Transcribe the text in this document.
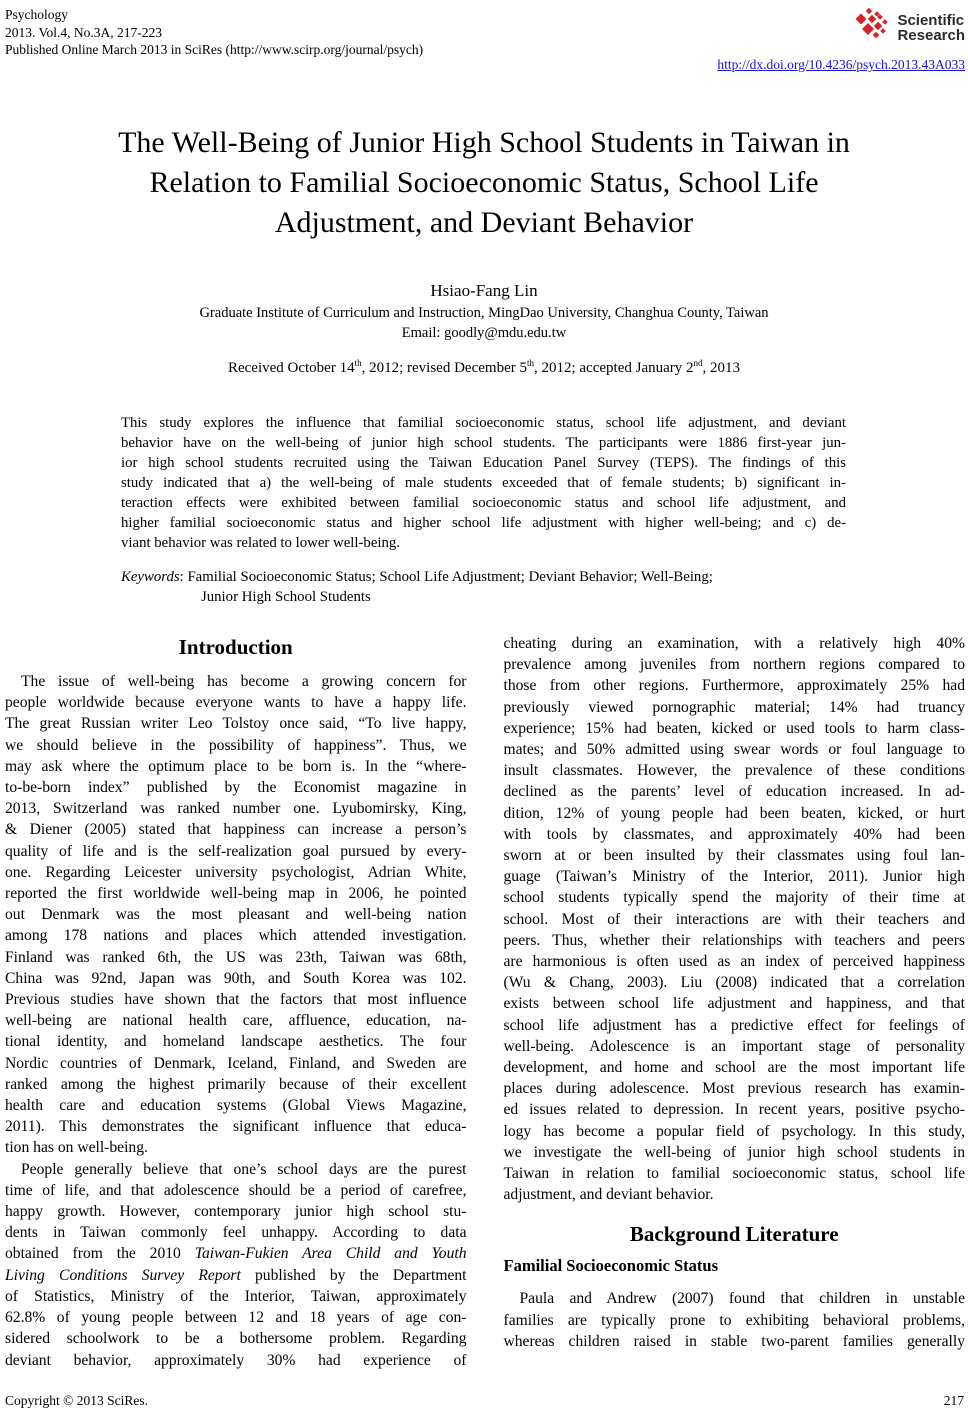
Psychology
2013. Vol.4, No.3A, 217-223
Published Online March 2013 in SciRes (http://www.scirp.org/journal/psych)
Scientific
Research
http://dx.doi.org/10.4236/psych.2013.43A033
The Well-Being of Junior High School Students in Taiwan in
Relation to Familial Socioeconomic Status, School Life
Adjustment, and Deviant Behavior
Hsiao-Fang Lin
Graduate Institute of Curriculum and Instruction, MingDao University, Changhua County, Taiwan
Email: goodly@mdu.edu.tw
Received October 14th, 2012; revised December 5th, 2012; accepted January 2nd, 2013
This study explores the influence that familial socioeconomic status, school life adjustment, and deviant
behavior have on the well-being of junior high school students. The participants were 1886 first-year jun-
ior high school students recruited using the Taiwan Education Panel Survey (TEPS). The findings of this
study indicated that a) the well-being of male students exceeded that of female students; b) significant in-
teraction effects were exhibited between familial socioeconomic status and school life adjustment, and
higher familial socioeconomic status and higher school life adjustment with higher well-being; and c) de-
viant behavior was related to lower well-being.
Keywords: Familial Socioeconomic Status; School Life Adjustment; Deviant Behavior; Well-Being;
Junior High School Students
Introduction
The issue of well-being has become a growing concern for
people worldwide because everyone wants to have a happy life.
The great Russian writer Leo Tolstoy once said, “To live happy,
we should believe in the possibility of happiness”. Thus, we
may ask where the optimum place to be born is. In the “where-
to-be-born index” published by the Economist magazine in
2013, Switzerland was ranked number one. Lyubomirsky, King,
& Diener (2005) stated that happiness can increase a person’s
quality of life and is the self-realization goal pursued by every-
one. Regarding Leicester university psychologist, Adrian White,
reported the first worldwide well-being map in 2006, he pointed
out Denmark was the most pleasant and well-being nation
among 178 nations and places which attended investigation.
Finland was ranked 6th, the US was 23th, Taiwan was 68th,
China was 92nd, Japan was 90th, and South Korea was 102.
Previous studies have shown that the factors that most influence
well-being are national health care, affluence, education, na-
tional identity, and homeland landscape aesthetics. The four
Nordic countries of Denmark, Iceland, Finland, and Sweden are
ranked among the highest primarily because of their excellent
health care and education systems (Global Views Magazine,
2011). This demonstrates the significant influence that educa-
tion has on well-being.
People generally believe that one’s school days are the purest
time of life, and that adolescence should be a period of carefree,
happy growth. However, contemporary junior high school stu-
dents in Taiwan commonly feel unhappy. According to data
obtained from the 2010 Taiwan-Fukien Area Child and Youth
Living Conditions Survey Report published by the Department
of Statistics, Ministry of the Interior, Taiwan, approximately
62.8% of young people between 12 and 18 years of age con-
sidered schoolwork to be a bothersome problem. Regarding
deviant behavior, approximately 30% had experience of
cheating during an examination, with a relatively high 40%
prevalence among juveniles from northern regions compared to
those from other regions. Furthermore, approximately 25% had
previously viewed pornographic material; 14% had truancy
experience; 15% had beaten, kicked or used tools to harm class-
mates; and 50% admitted using swear words or foul language to
insult classmates. However, the prevalence of these conditions
declined as the parents’ level of education increased. In ad-
dition, 12% of young people had been beaten, kicked, or hurt
with tools by classmates, and approximately 40% had been
sworn at or been insulted by their classmates using foul lan-
guage (Taiwan’s Ministry of the Interior, 2011). Junior high
school students typically spend the majority of their time at
school. Most of their interactions are with their teachers and
peers. Thus, whether their relationships with teachers and peers
are harmonious is often used as an index of perceived happiness
(Wu & Chang, 2003). Liu (2008) indicated that a correlation
exists between school life adjustment and happiness, and that
school life adjustment has a predictive effect for feelings of
well-being. Adolescence is an important stage of personality
development, and home and school are the most important life
places during adolescence. Most previous research has examin-
ed issues related to depression. In recent years, positive psycho-
logy has become a popular field of psychology. In this study,
we investigate the well-being of junior high school students in
Taiwan in relation to familial socioeconomic status, school life
adjustment, and deviant behavior.
Background Literature
Familial Socioeconomic Status
Paula and Andrew (2007) found that children in unstable
families are typically prone to exhibiting behavioral problems,
whereas children raised in stable two-parent families generally
Copyright © 2013 SciRes.	217
